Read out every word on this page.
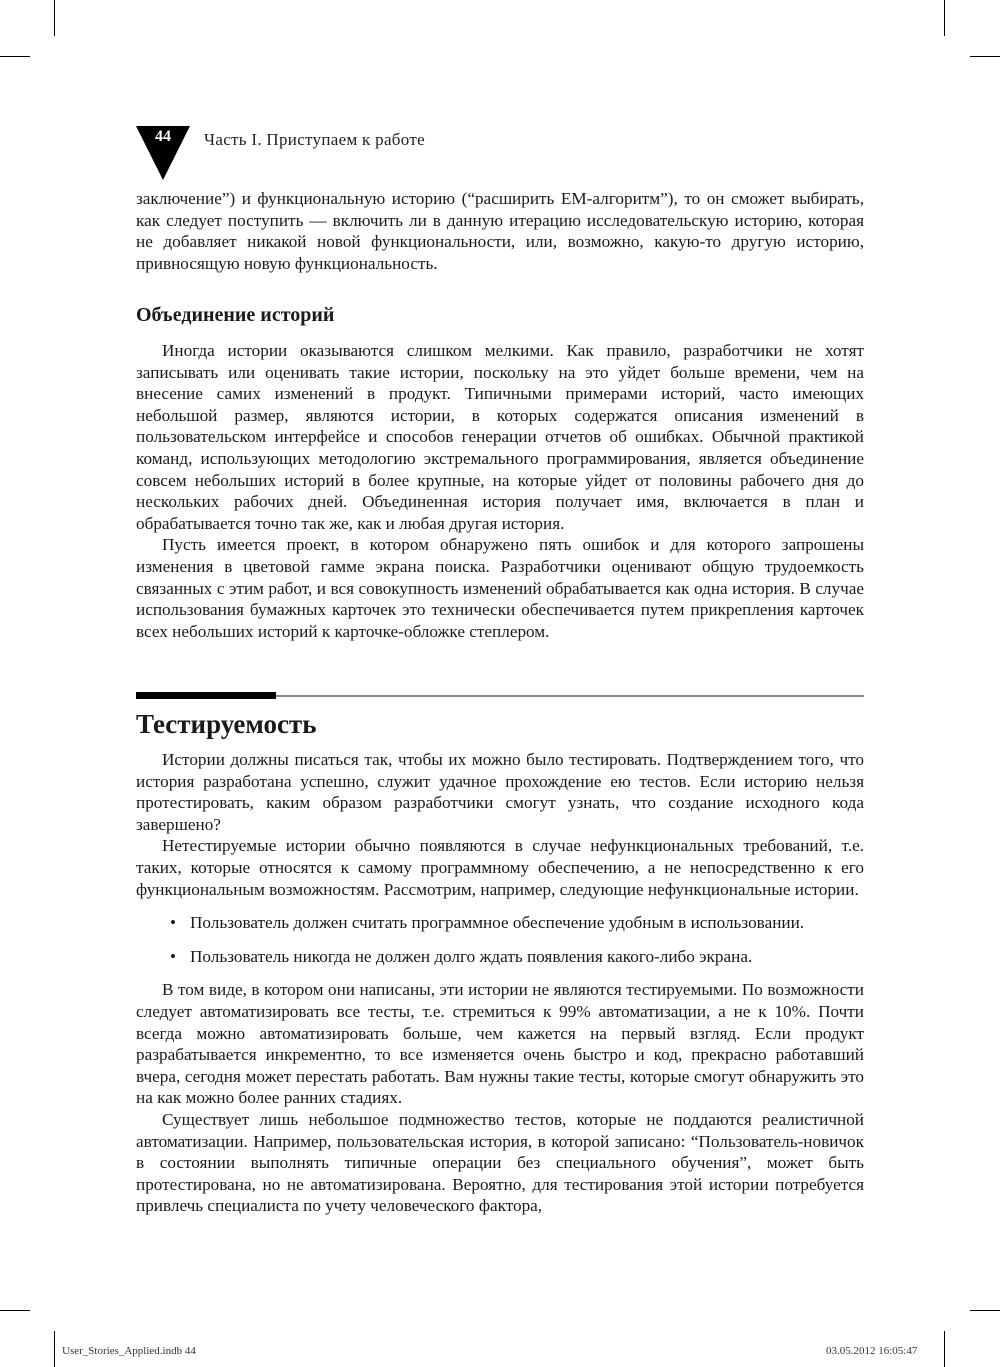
44	Часть I. Приступаем к работе

заключение”) и функциональную историю (“расширить EM-алгоритм”), то он сможет выбирать, как следует поступить — включить ли в данную итерацию исследовательскую историю, которая не добавляет никакой новой функциональности, или, возможно, какую-то другую историю, привносящую новую функциональность.

Объединение историй

Иногда истории оказываются слишком мелкими. Как правило, разработчики не хотят записывать или оценивать такие истории, поскольку на это уйдет больше времени, чем на внесение самих изменений в продукт. Типичными примерами историй, часто имеющих небольшой размер, являются истории, в которых содержатся описания изменений в пользовательском интерфейсе и способов генерации отчетов об ошибках. Обычной практикой команд, использующих методологию экстремального программирования, является объединение совсем небольших историй в более крупные, на которые уйдет от половины рабочего дня до нескольких рабочих дней. Объединенная история получает имя, включается в план и обрабатывается точно так же, как и любая другая история.

Пусть имеется проект, в котором обнаружено пять ошибок и для которого запрошены изменения в цветовой гамме экрана поиска. Разработчики оценивают общую трудоемкость связанных с этим работ, и вся совокупность изменений обрабатывается как одна история. В случае использования бумажных карточек это технически обеспечивается путем прикрепления карточек всех небольших историй к карточке-обложке степлером.

Тестируемость

Истории должны писаться так, чтобы их можно было тестировать. Подтверждением того, что история разработана успешно, служит удачное прохождение ею тестов. Если историю нельзя протестировать, каким образом разработчики смогут узнать, что создание исходного кода завершено?

Нетестируемые истории обычно появляются в случае нефункциональных требований, т.е. таких, которые относятся к самому программному обеспечению, а не непосредственно к его функциональным возможностям. Рассмотрим, например, следующие нефункциональные истории.

• Пользователь должен считать программное обеспечение удобным в использовании.
• Пользователь никогда не должен долго ждать появления какого-либо экрана.

В том виде, в котором они написаны, эти истории не являются тестируемыми. По возможности следует автоматизировать все тесты, т.е. стремиться к 99% автоматизации, а не к 10%. Почти всегда можно автоматизировать больше, чем кажется на первый взгляд. Если продукт разрабатывается инкрементно, то все изменяется очень быстро и код, прекрасно работавший вчера, сегодня может перестать работать. Вам нужны такие тесты, которые смогут обнаружить это на как можно более ранних стадиях.

Существует лишь небольшое подмножество тестов, которые не поддаются реалистичной автоматизации. Например, пользовательская история, в которой записано: “Пользователь-новичок в состоянии выполнять типичные операции без специального обучения”, может быть протестирована, но не автоматизирована. Вероятно, для тестирования этой истории потребуется привлечь специалиста по учету человеческого фактора,

User_Stories_Applied.indb 44	03.05.2012 16:05:47
